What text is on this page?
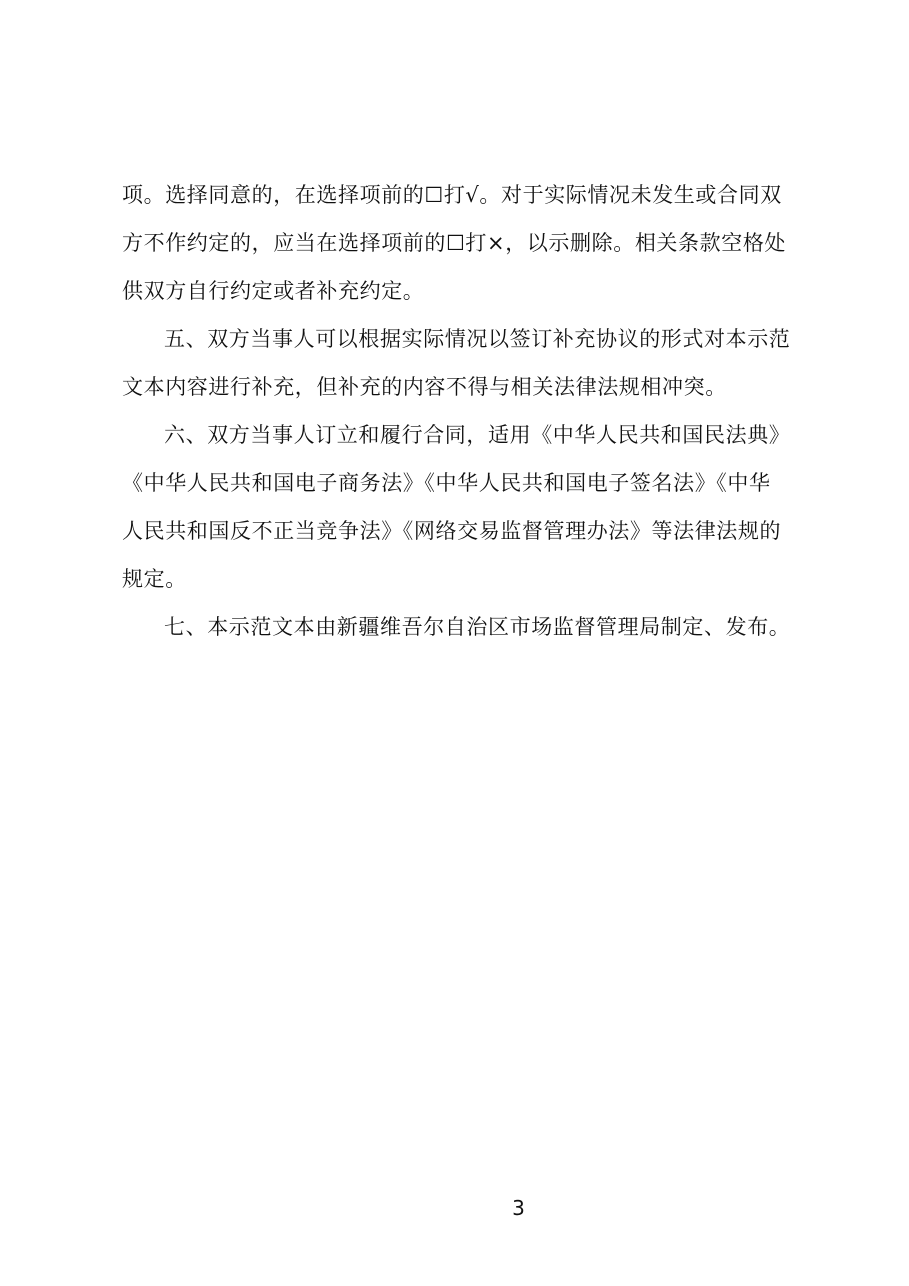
项。选择同意的，在选择项前的☐打√。对于实际情况未发生或合同双
方不作约定的，应当在选择项前的☐打×，以示删除。相关条款空格处
供双方自行约定或者补充约定。
五、双方当事人可以根据实际情况以签订补充协议的形式对本示范
文本内容进行补充，但补充的内容不得与相关法律法规相冲突。
六、双方当事人订立和履行合同，适用《中华人民共和国民法典》
《中华人民共和国电子商务法》《中华人民共和国电子签名法》《中华
人民共和国反不正当竞争法》《网络交易监督管理办法》等法律法规的
规定。
七、本示范文本由新疆维吾尔自治区市场监督管理局制定、发布。
3
